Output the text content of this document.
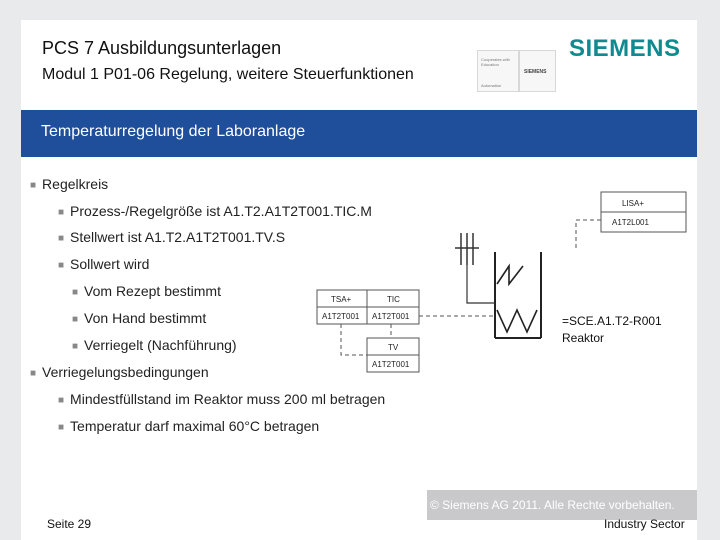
PCS 7 Ausbildungsunterlagen
Modul 1 P01-06 Regelung, weitere Steuerfunktionen
Cooperates with Education
Automation
SIEMENS
SIEMENS
Temperaturregelung der Laboranlage
■ Regelkreis
■ Prozess-/Regelgröße ist A1.T2.A1T2T001.TIC.M
■ Stellwert ist A1.T2.A1T2T001.TV.S
■ Sollwert wird
■ Vom Rezept bestimmt
■ Von Hand bestimmt
■ Verriegelt (Nachführung)
■ Verriegelungsbedingungen
■ Mindestfüllstand im Reaktor muss 200 ml betragen
■ Temperatur darf maximal 60°C betragen
LISA+
A1T2L001
=SCE.A1.T2-R001
Reaktor
TSA+	TIC
A1T2T001 A1T2T001
TV
A1T2T001
© Siemens AG 2011. Alle Rechte vorbehalten.
Seite 29	Industry Sector
